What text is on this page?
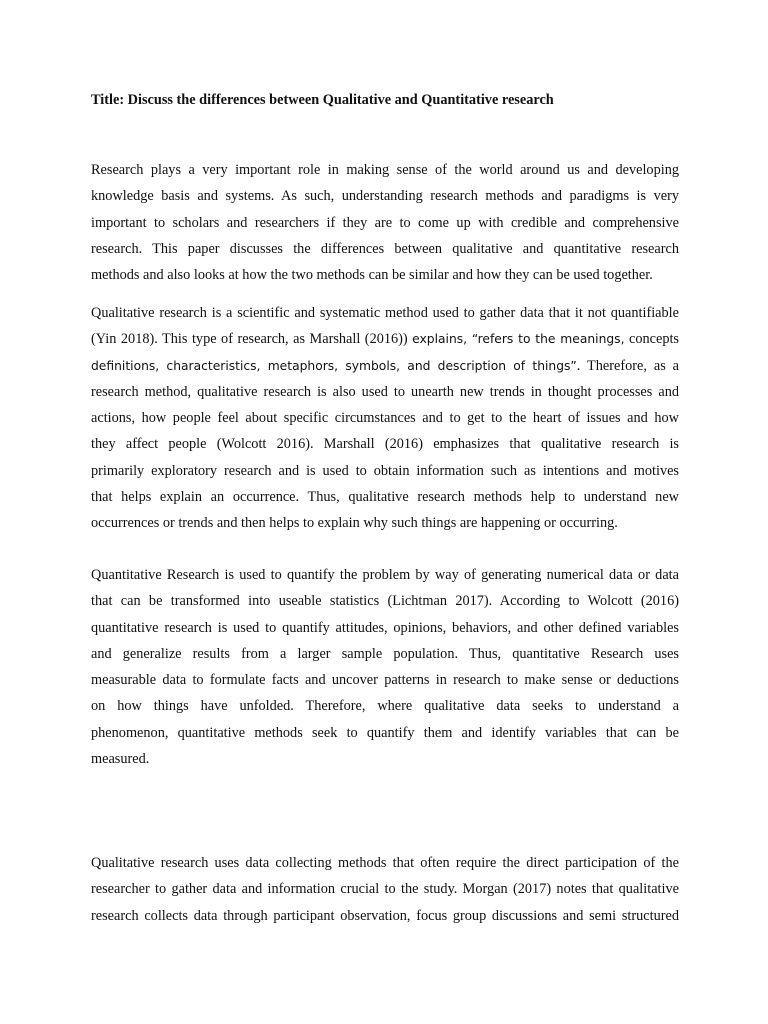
Title: Discuss the differences between Qualitative and Quantitative research

Research plays a very important role in making sense of the world around us and developing
knowledge basis and systems. As such, understanding research methods and paradigms is very
important to scholars and researchers if they are to come up with credible and comprehensive
research. This paper discusses the differences between qualitative and quantitative research
methods and also looks at how the two methods can be similar and how they can be used together.

Qualitative research is a scientific and systematic method used to gather data that it not quantifiable
(Yin 2018). This type of research, as Marshall (2016)) explains, “refers to the meanings, concepts
definitions, characteristics, metaphors, symbols, and description of things”. Therefore, as a
research method, qualitative research is also used to unearth new trends in thought processes and
actions, how people feel about specific circumstances and to get to the heart of issues and how
they affect people (Wolcott 2016). Marshall (2016) emphasizes that qualitative research is
primarily exploratory research and is used to obtain information such as intentions and motives
that helps explain an occurrence. Thus, qualitative research methods help to understand new
occurrences or trends and then helps to explain why such things are happening or occurring.

Quantitative Research is used to quantify the problem by way of generating numerical data or data
that can be transformed into useable statistics (Lichtman 2017). According to Wolcott (2016)
quantitative research is used to quantify attitudes, opinions, behaviors, and other defined variables
and generalize results from a larger sample population. Thus, quantitative Research uses
measurable data to formulate facts and uncover patterns in research to make sense or deductions
on how things have unfolded. Therefore, where qualitative data seeks to understand a
phenomenon, quantitative methods seek to quantify them and identify variables that can be
measured.

Qualitative research uses data collecting methods that often require the direct participation of the
researcher to gather data and information crucial to the study. Morgan (2017) notes that qualitative
research collects data through participant observation, focus group discussions and semi structured
